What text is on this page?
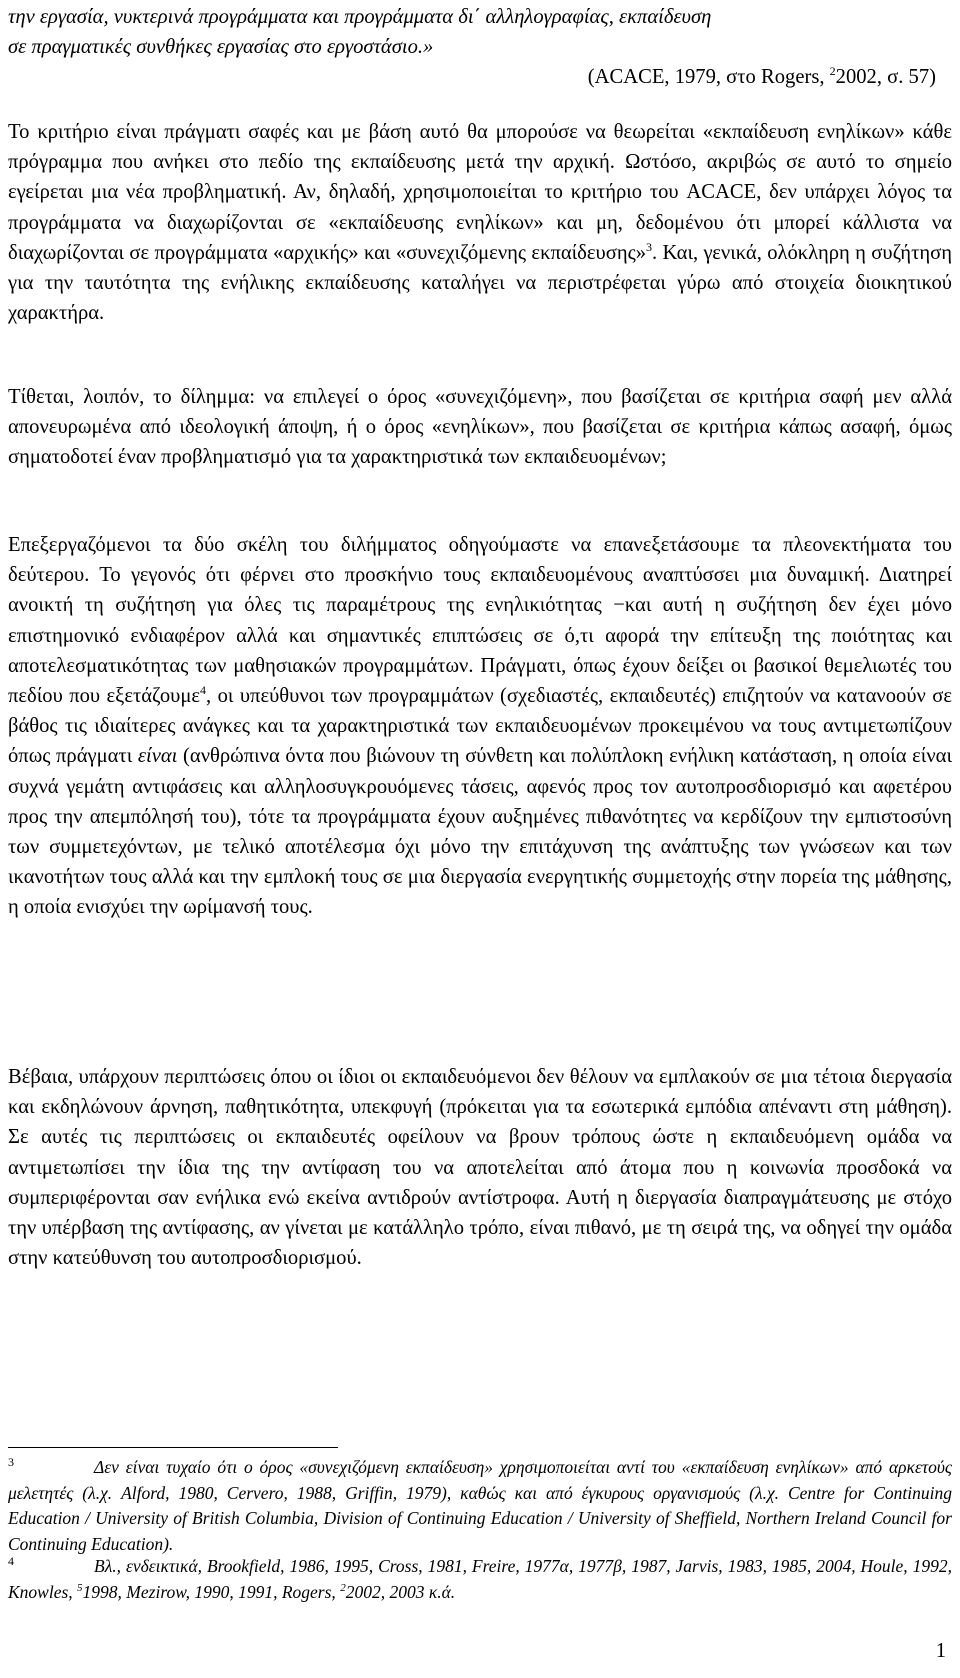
την εργασία, νυκτερινά προγράμματα και προγράμματα δι΄ αλληλογραφίας, εκπαίδευση
σε πραγματικές συνθήκες εργασίας στο εργοστάσιο.»

(ACACE, 1979, στο Rogers, $^2$2002, σ. 57)

Το κριτήριο είναι πράγματι σαφές και με βάση αυτό θα μπορούσε να θεωρείται «εκπαίδευση ενηλίκων» κάθε πρόγραμμα που ανήκει στο πεδίο της εκπαίδευσης μετά την αρχική. Ωστόσο, ακριβώς σε αυτό το σημείο εγείρεται μια νέα προβληματική. Αν, δηλαδή, χρησιμοποιείται το κριτήριο του ACACE, δεν υπάρχει λόγος τα προγράμματα να διαχωρίζονται σε «εκπαίδευσης ενηλίκων» και μη, δεδομένου ότι μπορεί κάλλιστα να διαχωρίζονται σε προγράμματα «αρχικής» και «συνεχιζόμενης εκπαίδευσης»$^3$. Και, γενικά, ολόκληρη η συζήτηση για την ταυτότητα της ενήλικης εκπαίδευσης καταλήγει να περιστρέφεται γύρω από στοιχεία διοικητικού χαρακτήρα.

Τίθεται, λοιπόν, το δίλημμα: να επιλεγεί ο όρος «συνεχιζόμενη», που βασίζεται σε κριτήρια σαφή μεν αλλά απονευρωμένα από ιδεολογική άποψη, ή ο όρος «ενηλίκων», που βασίζεται σε κριτήρια κάπως ασαφή, όμως σηματοδοτεί έναν προβληματισμό για τα χαρακτηριστικά των εκπαιδευομένων;

Επεξεργαζόμενοι τα δύο σκέλη του διλήμματος οδηγούμαστε να επανεξετάσουμε τα πλεονεκτήματα του δεύτερου. Το γεγονός ότι φέρνει στο προσκήνιο τους εκπαιδευομένους αναπτύσσει μια δυναμική. Διατηρεί ανοικτή τη συζήτηση για όλες τις παραμέτρους της ενηλικιότητας −και αυτή η συζήτηση δεν έχει μόνο επιστημονικό ενδιαφέρον αλλά και σημαντικές επιπτώσεις σε ό,τι αφορά την επίτευξη της ποιότητας και αποτελεσματικότητας των μαθησιακών προγραμμάτων. Πράγματι, όπως έχουν δείξει οι βασικοί θεμελιωτές του πεδίου που εξετάζουμε$^4$, οι υπεύθυνοι των προγραμμάτων (σχεδιαστές, εκπαιδευτές) επιζητούν να κατανοούν σε βάθος τις ιδιαίτερες ανάγκες και τα χαρακτηριστικά των εκπαιδευομένων προκειμένου να τους αντιμετωπίζουν όπως πράγματι είναι (ανθρώπινα όντα που βιώνουν τη σύνθετη και πολύπλοκη ενήλικη κατάσταση, η οποία είναι συχνά γεμάτη αντιφάσεις και αλληλοσυγκρουόμενες τάσεις, αφενός προς τον αυτοπροσδιορισμό και αφετέρου προς την απεμπόλησή του), τότε τα προγράμματα έχουν αυξημένες πιθανότητες να κερδίζουν την εμπιστοσύνη των συμμετεχόντων, με τελικό αποτέλεσμα όχι μόνο την επιτάχυνση της ανάπτυξης των γνώσεων και των ικανοτήτων τους αλλά και την εμπλοκή τους σε μια διεργασία ενεργητικής συμμετοχής στην πορεία της μάθησης, η οποία ενισχύει την ωρίμανσή τους.

Βέβαια, υπάρχουν περιπτώσεις όπου οι ίδιοι οι εκπαιδευόμενοι δεν θέλουν να εμπλακούν σε μια τέτοια διεργασία και εκδηλώνουν άρνηση, παθητικότητα, υπεκφυγή (πρόκειται για τα εσωτερικά εμπόδια απέναντι στη μάθηση). Σε αυτές τις περιπτώσεις οι εκπαιδευτές οφείλουν να βρουν τρόπους ώστε η εκπαιδευόμενη ομάδα να αντιμετωπίσει την ίδια της την αντίφαση του να αποτελείται από άτομα που η κοινωνία προσδοκά να συμπεριφέρονται σαν ενήλικα ενώ εκείνα αντιδρούν αντίστροφα. Αυτή η διεργασία διαπραγμάτευσης με στόχο την υπέρβαση της αντίφασης, αν γίνεται με κατάλληλο τρόπο, είναι πιθανό, με τη σειρά της, να οδηγεί την ομάδα στην κατεύθυνση του αυτοπροσδιορισμού.

$^3$	Δεν είναι τυχαίο ότι ο όρος «συνεχιζόμενη εκπαίδευση» χρησιμοποιείται αντί του «εκπαίδευση ενηλίκων» από αρκετούς μελετητές (λ.χ. Alford, 1980, Cervero, 1988, Griffin, 1979), καθώς και από έγκυρους οργανισμούς (λ.χ. Centre for Continuing Education / University of British Columbia, Division of Continuing Education / University of Sheffield, Northern Ireland Council for Continuing Education).

$^4$	Βλ., ενδεικτικά, Brookfield, 1986, 1995, Cross, 1981, Freire, 1977α, 1977β, 1987, Jarvis, 1983, 1985, 2004, Houle, 1992, Knowles, $^5$1998, Mezirow, 1990, 1991, Rogers, $^2$2002, 2003 κ.ά.

1
